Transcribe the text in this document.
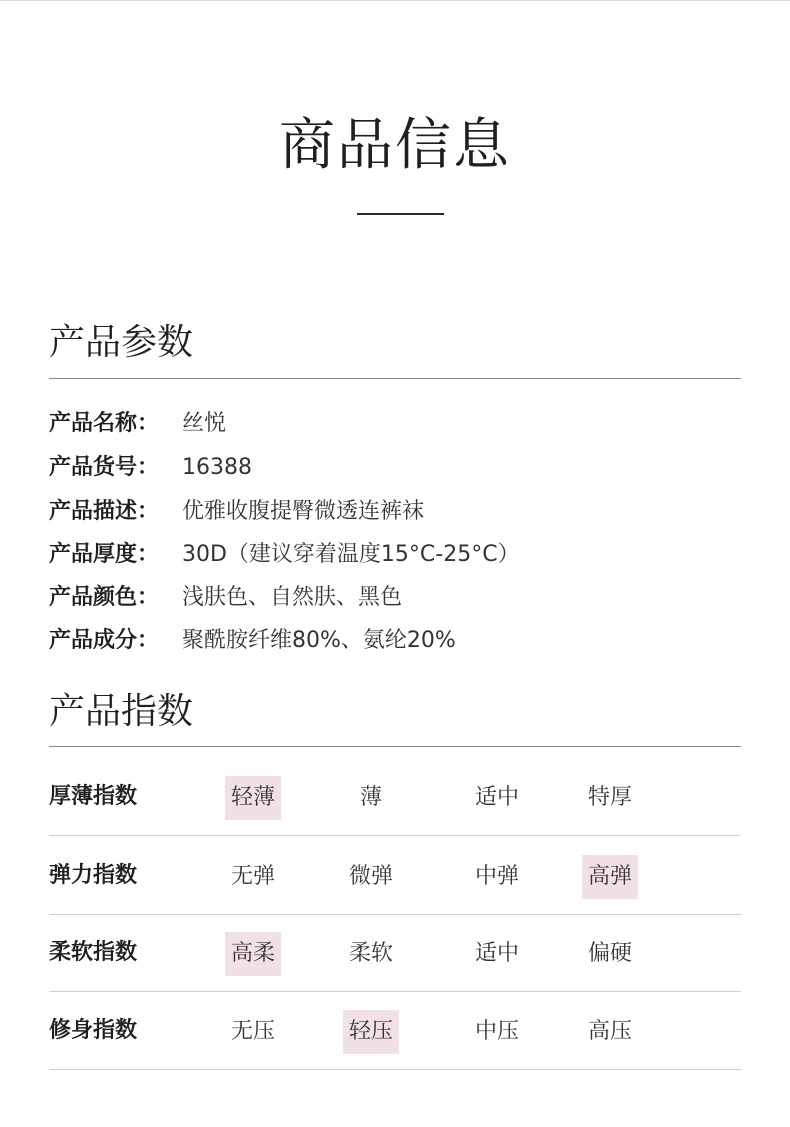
商品信息
产品参数
产品名称： 丝悦
产品货号： 16388
产品描述： 优雅收腹提臀微透连裤袜
产品厚度： 30D（建议穿着温度15°C-25°C）
产品颜色： 浅肤色、自然肤、黑色
产品成分： 聚酰胺纤维80%、氨纶20%
产品指数
厚薄指数	轻薄	薄	适中	特厚
弹力指数	无弹	微弹	中弹	高弹
柔软指数	高柔	柔软	适中	偏硬
修身指数	无压	轻压	中压	高压
